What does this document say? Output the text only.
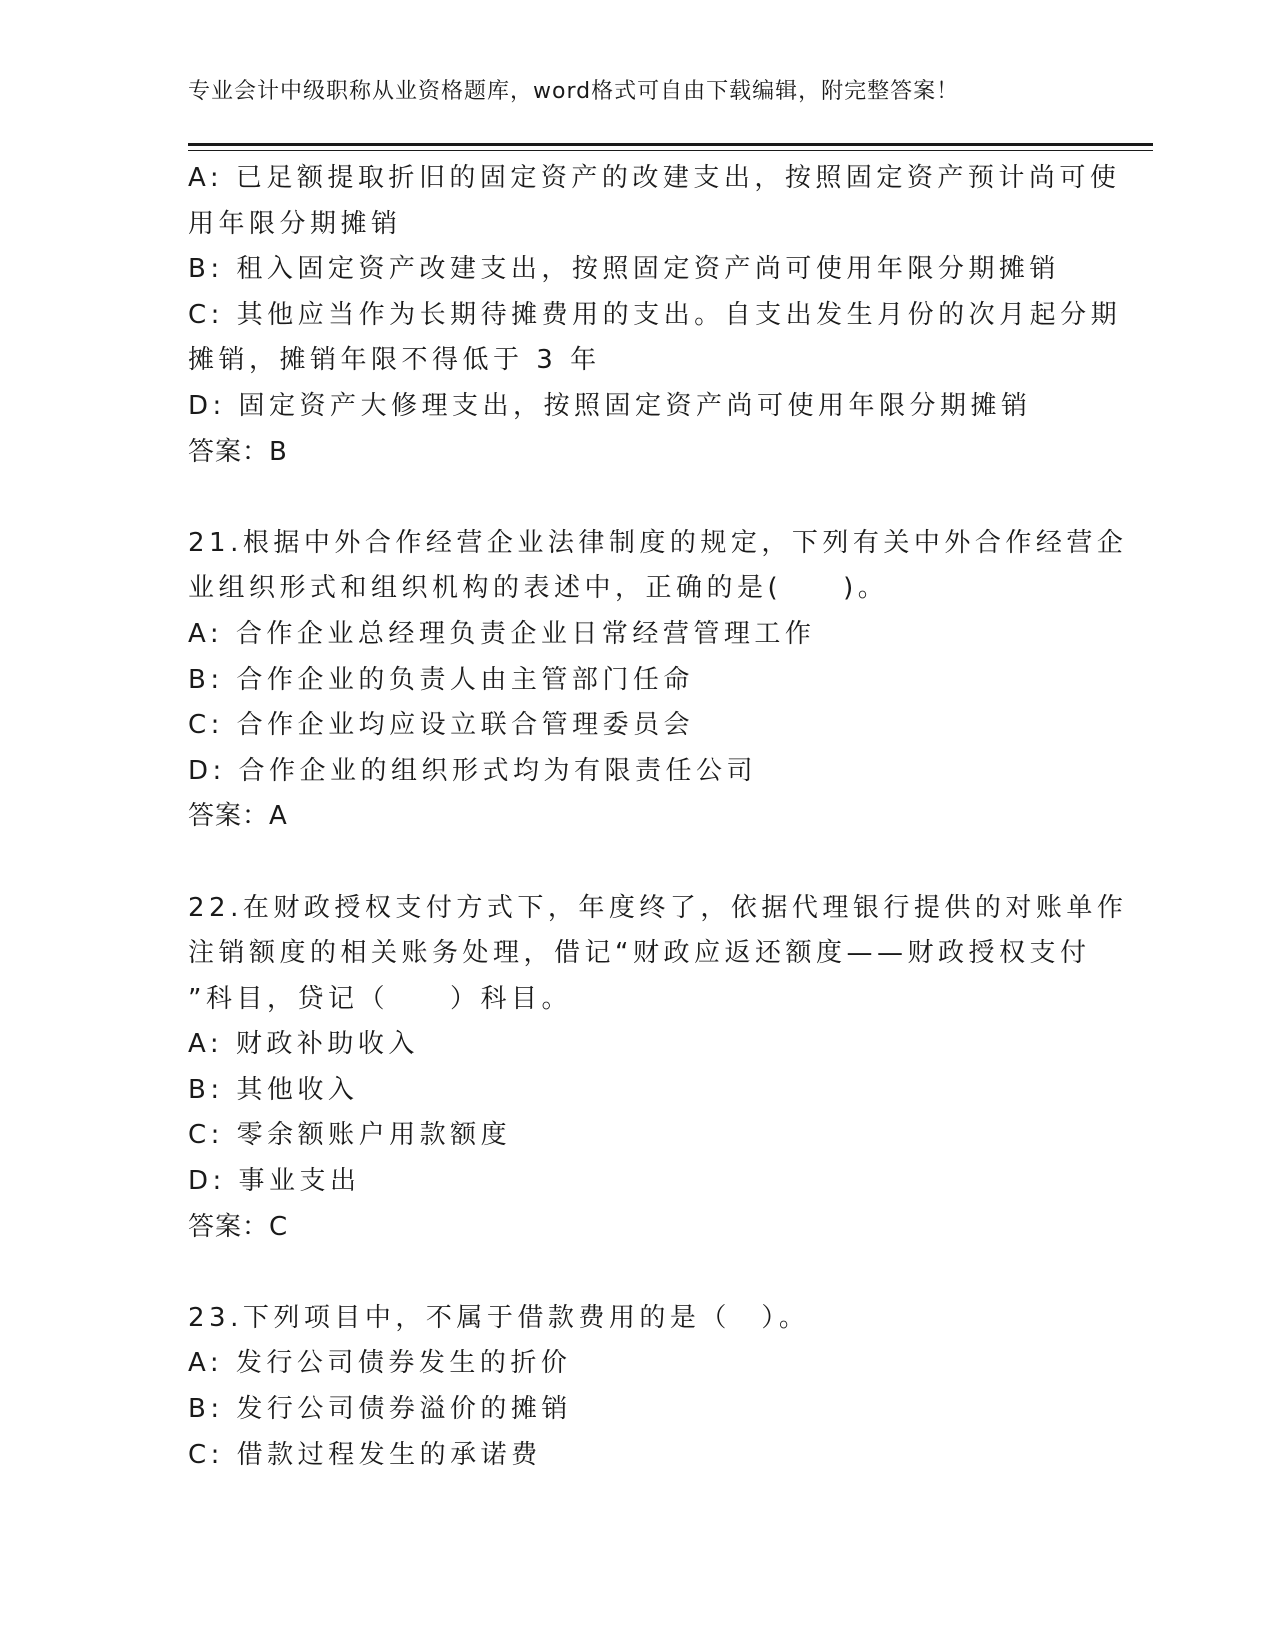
专业会计中级职称从业资格题库，word格式可自由下载编辑，附完整答案！
A: 已足额提取折旧的固定资产的改建支出，按照固定资产预计尚可使
用年限分期摊销
B: 租入固定资产改建支出，按照固定资产尚可使用年限分期摊销
C: 其他应当作为长期待摊费用的支出。自支出发生月份的次月起分期
摊销，摊销年限不得低于 3 年
D: 固定资产大修理支出，按照固定资产尚可使用年限分期摊销
答案：B
21.根据中外合作经营企业法律制度的规定，下列有关中外合作经营企
业组织形式和组织机构的表述中，正确的是(　　)。
A: 合作企业总经理负责企业日常经营管理工作
B: 合作企业的负责人由主管部门任命
C: 合作企业均应设立联合管理委员会
D: 合作企业的组织形式均为有限责任公司
答案：A
22.在财政授权支付方式下，年度终了，依据代理银行提供的对账单作
注销额度的相关账务处理，借记“财政应返还额度——财政授权支付
”科目，贷记（　　）科目。
A: 财政补助收入
B: 其他收入
C: 零余额账户用款额度
D: 事业支出
答案：C
23.下列项目中，不属于借款费用的是（　）。
A: 发行公司债券发生的折价
B: 发行公司债券溢价的摊销
C: 借款过程发生的承诺费
